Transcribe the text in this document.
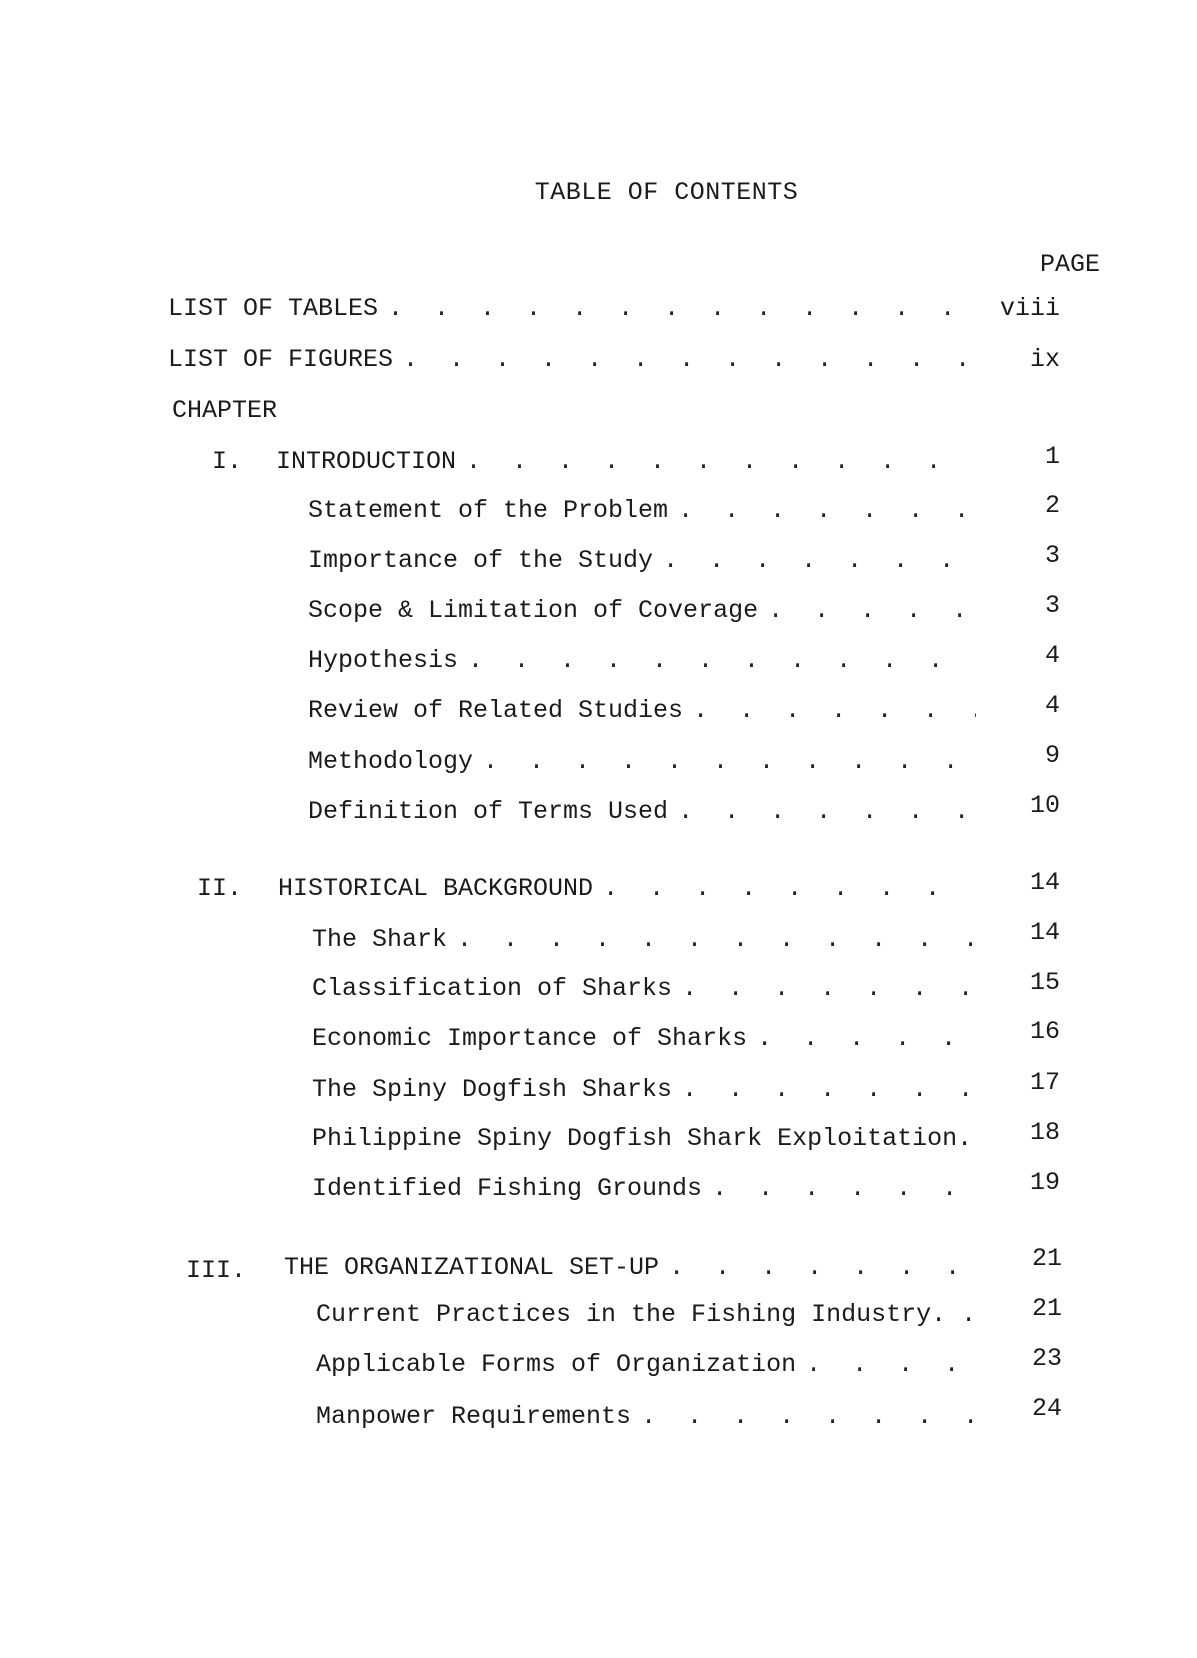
TABLE OF CONTENTS
PAGE
LIST OF TABLES . . .	viii
LIST OF FIGURES . . .	ix
CHAPTER
I. INTRODUCTION . . .	1
Statement of the Problem . . .	2
Importance of the Study . . .	3
Scope & Limitation of Coverage . . .	3
Hypothesis . . .	4
Review of Related Studies . . .	4
Methodology . . .	9
Definition of Terms Used . . .	10
II. HISTORICAL BACKGROUND . . .	14
The Shark . . .	14
Classification of Sharks . . .	15
Economic Importance of Sharks . . .	16
The Spiny Dogfish Sharks . . .	17
Philippine Spiny Dogfish Shark Exploitation.	18
Identified Fishing Grounds . . .	19
III. THE ORGANIZATIONAL SET-UP . . .	21
Current Practices in the Fishing Industry. .	21
Applicable Forms of Organization . . .	23
Manpower Requirements . . .	24
